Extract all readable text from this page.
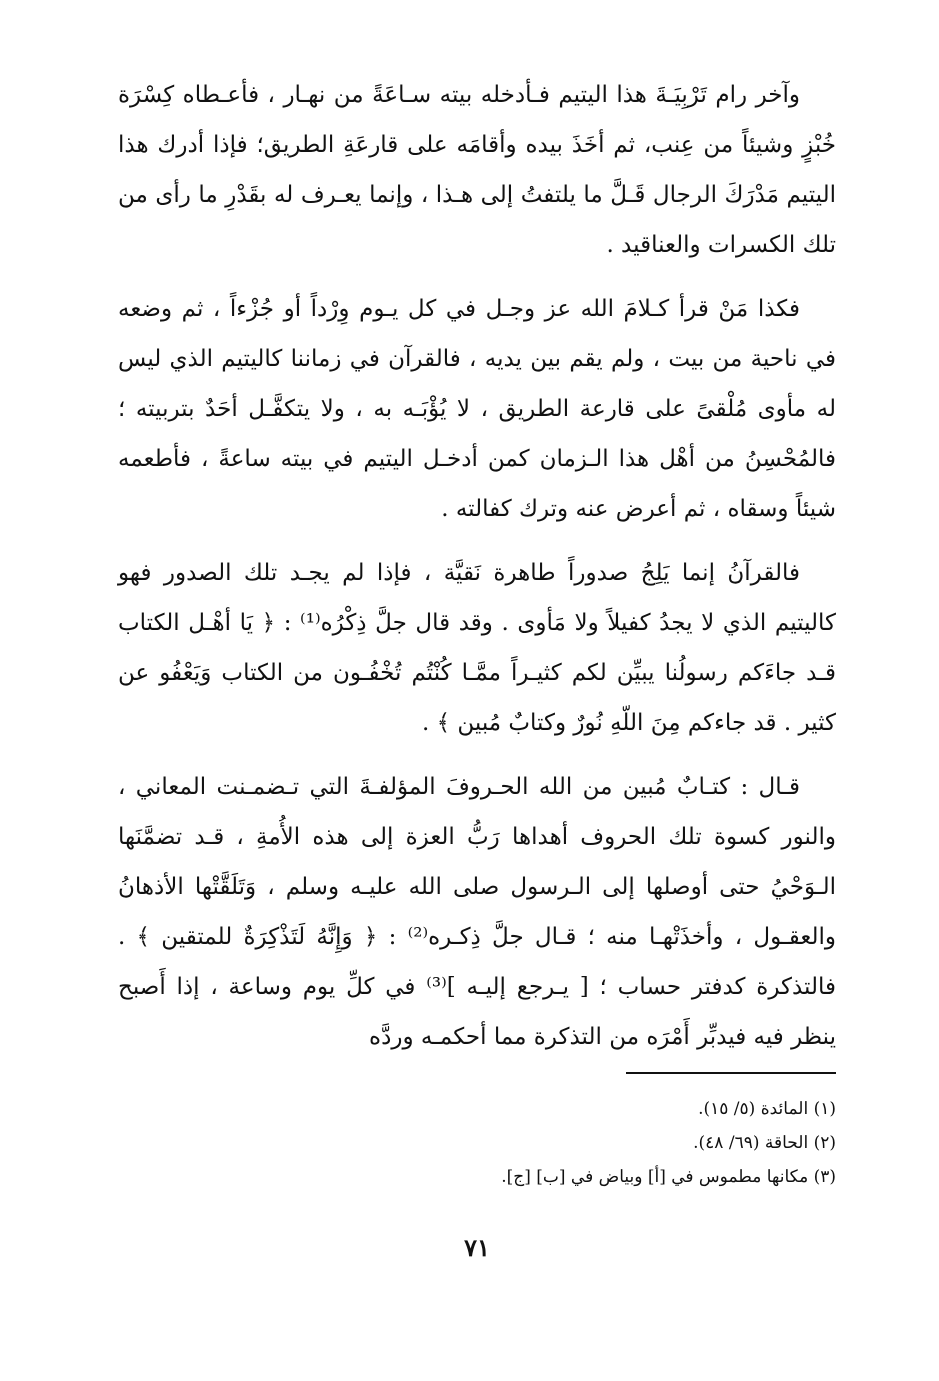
وآخر رام تَرْبِيَـةَ هذا اليتيم فـأدخله بيته سـاعَةً من نهـار ، فأعـطاه كِسْرَة خُبْزٍ وشيئاً من عِنب، ثم أخَذَ بيده وأقامَه على قارعَةِ الطريق؛ فإذا أدرك هذا اليتيم مَدْرَكَ الرجال قَـلَّ ما يلتفتُ إلى هـذا ، وإنما يعـرف له بقَدْرِ ما رأى من تلك الكسرات والعناقيد .

فكذا مَنْ قرأ كـلامَ الله عز وجـل في كل يـوم وِرْداً أو جُزْءاً ، ثم وضعه في ناحية من بيت ، ولم يقم بين يديه ، فالقرآن في زماننا كاليتيم الذي ليس له مأوى مُلْقىً على قارعة الطريق ، لا يُؤْبَـه به ، ولا يتكفَّـل أحَدٌ بتربيته ؛ فالمُحْسِنُ من أهْل هذا الـزمان كمن أدخـل اليتيم في بيته ساعةً ، فأطعمه شيئاً وسقاه ، ثم أعرض عنه وترك كفالته .

فالقرآنُ إنما يَلِجُ صدوراً طاهرة نَقيَّة ، فإذا لم يجـد تلك الصدور فهو كاليتيم الذي لا يجدُ كفيلاً ولا مَأوى . وقد قال جلَّ ذِكْرُه⁽¹⁾ : ﴿ يَا أهْـل الكتاب قـد جاءَكم رسولُنا يبيِّن لكم كثيـراً ممَّـا كُنْتُم تُخْفُـون من الكتاب وَيَعْفُو عن كثير . قد جاءكم مِنَ اللّهِ نُورٌ وكتابٌ مُبين ﴾ .

قـال : كتـابٌ مُبين من الله الحـروفَ المؤلفـةَ التي تـضمـنت المعاني ، والنور كسوة تلك الحروف أهداها رَبُّ العزة إلى هذه الأُمةِ ، قـد تضمَّنَها الـوَحْيُ حتى أوصلها إلى الـرسول صلى الله عليـه وسلم ، وَتَلَقَّتْها الأذهانُ والعقـول ، وأخذَتْهـا منه ؛ قـال جلَّ ذِكـره⁽²⁾ : ﴿ وَإِنَّهُ لَتَذْكِرَةٌ للمتقين ﴾ . فالتذكرة كدفتر حساب ؛ [ يـرجع إليـه ]⁽³⁾ في كلِّ يوم وساعة ، إذا أَصبح ينظر فيه فيدبِّر أَمْرَه من التذكرة مما أحكمـه وردَّه

(١) المائدة (٥/ ١٥).

(٢) الحاقة (٦٩/ ٤٨).

(٣) مكانها مطموس في [أ] وبياض في [ب] [ج].

٧١
